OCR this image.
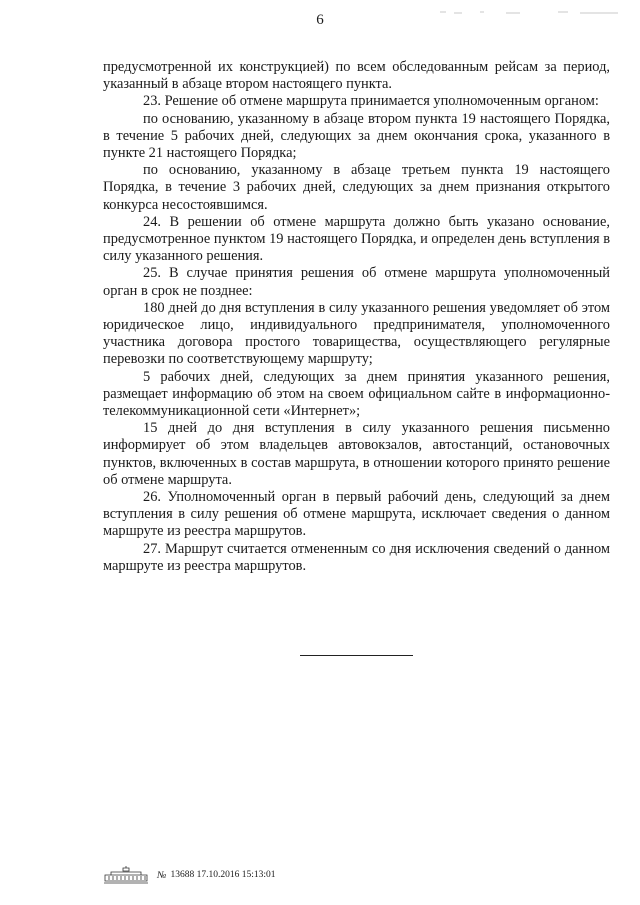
6

предусмотренной их конструкцией) по всем обследованным рейсам за период, указанный в абзаце втором настоящего пункта.

23. Решение об отмене маршрута принимается уполномоченным органом:

по основанию, указанному в абзаце втором пункта 19 настоящего Порядка, в течение 5 рабочих дней, следующих за днем окончания срока, указанного в пункте 21 настоящего Порядка;

по основанию, указанному в абзаце третьем пункта 19 настоящего Порядка, в течение 3 рабочих дней, следующих за днем признания открытого конкурса несостоявшимся.

24. В решении об отмене маршрута должно быть указано основание, предусмотренное пунктом 19 настоящего Порядка, и определен день вступления в силу указанного решения.

25. В случае принятия решения об отмене маршрута уполномоченный орган в срок не позднее:

180 дней до дня вступления в силу указанного решения уведомляет об этом юридическое лицо, индивидуального предпринимателя, уполномоченного участника договора простого товарищества, осуществляющего регулярные перевозки по соответствующему маршруту;

5 рабочих дней, следующих за днем принятия указанного решения, размещает информацию об этом на своем официальном сайте в информационно-телекоммуникационной сети «Интернет»;

15 дней до дня вступления в силу указанного решения письменно информирует об этом владельцев автовокзалов, автостанций, остановочных пунктов, включенных в состав маршрута, в отношении которого принято решение об отмене маршрута.

26. Уполномоченный орган в первый рабочий день, следующий за днем вступления в силу решения об отмене маршрута, исключает сведения о данном маршруте из реестра маршрутов.

27. Маршрут считается отмененным со дня исключения сведений о данном маршруте из реестра маршрутов.

№ 13688 17.10.2016 15:13:01
